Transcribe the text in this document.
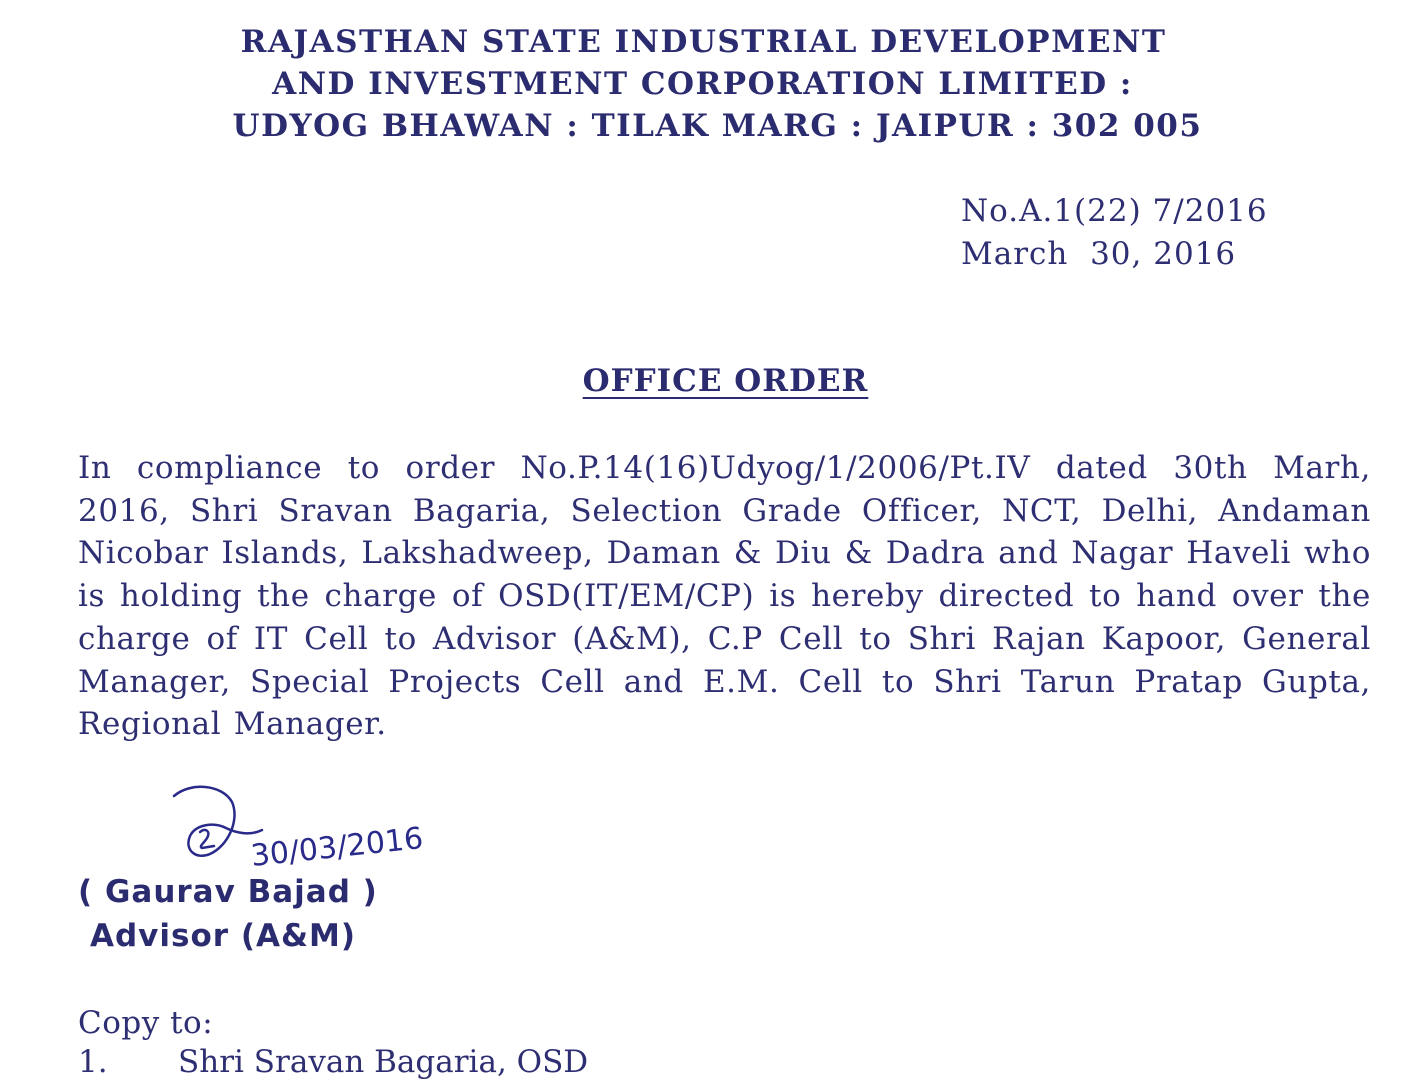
RAJASTHAN STATE INDUSTRIAL DEVELOPMENT
AND INVESTMENT CORPORATION LIMITED :
UDYOG BHAWAN : TILAK MARG : JAIPUR : 302 005
No.A.1(22) 7/2016
March  30, 2016
OFFICE ORDER

In compliance to order No.P.14(16)Udyog/1/2006/Pt.IV dated 30th Marh, 2016, Shri Sravan Bagaria, Selection Grade Officer, NCT, Delhi, Andaman Nicobar Islands, Lakshadweep, Daman & Diu & Dadra and Nagar Haveli who is holding the charge of OSD(IT/EM/CP) is hereby directed to hand over the charge of IT Cell to Advisor (A&M), C.P Cell to Shri Rajan Kapoor, General Manager, Special Projects Cell and E.M. Cell to Shri Tarun Pratap Gupta, Regional Manager.

30/03/2016
( Gaurav Bajad )
Advisor (A&M)
Copy to:
1. Shri Sravan Bagaria, OSD
